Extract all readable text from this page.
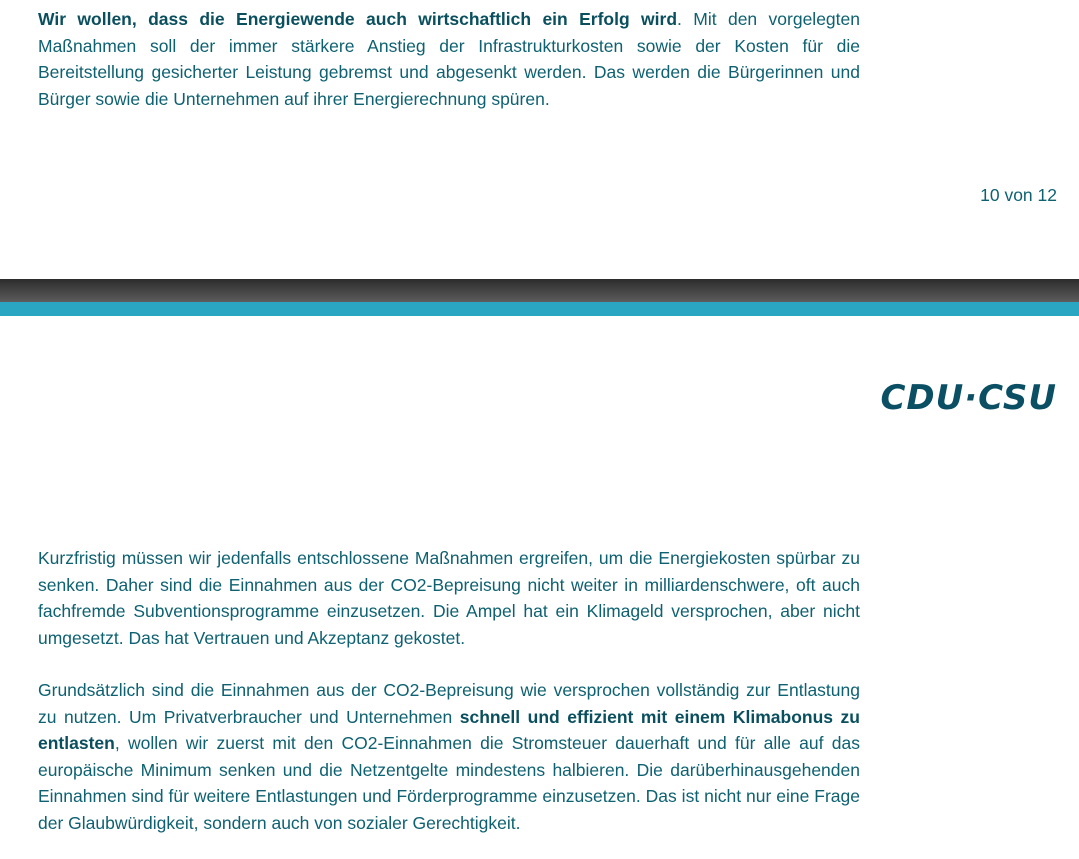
Wir wollen, dass die Energiewende auch wirtschaftlich ein Erfolg wird. Mit den vorgelegten Maßnahmen soll der immer stärkere Anstieg der Infrastrukturkosten sowie der Kosten für die Bereitstellung gesicherter Leistung gebremst und abgesenkt werden. Das werden die Bürgerinnen und Bürger sowie die Unternehmen auf ihrer Energierechnung spüren.

10 von 12
CDU·CSU

Kurzfristig müssen wir jedenfalls entschlossene Maßnahmen ergreifen, um die Energiekosten spürbar zu senken. Daher sind die Einnahmen aus der CO2-Bepreisung nicht weiter in milliardenschwere, oft auch fachfremde Subventionsprogramme einzusetzen. Die Ampel hat ein Klimageld versprochen, aber nicht umgesetzt. Das hat Vertrauen und Akzeptanz gekostet.

Grundsätzlich sind die Einnahmen aus der CO2-Bepreisung wie versprochen vollständig zur Entlastung zu nutzen. Um Privatverbraucher und Unternehmen schnell und effizient mit einem Klimabonus zu entlasten, wollen wir zuerst mit den CO2-Einnahmen die Stromsteuer dauerhaft und für alle auf das europäische Minimum senken und die Netzentgelte mindestens halbieren. Die darüberhinausgehenden Einnahmen sind für weitere Entlastungen und Förderprogramme einzusetzen. Das ist nicht nur eine Frage der Glaubwürdigkeit, sondern auch von sozialer Gerechtigkeit.
